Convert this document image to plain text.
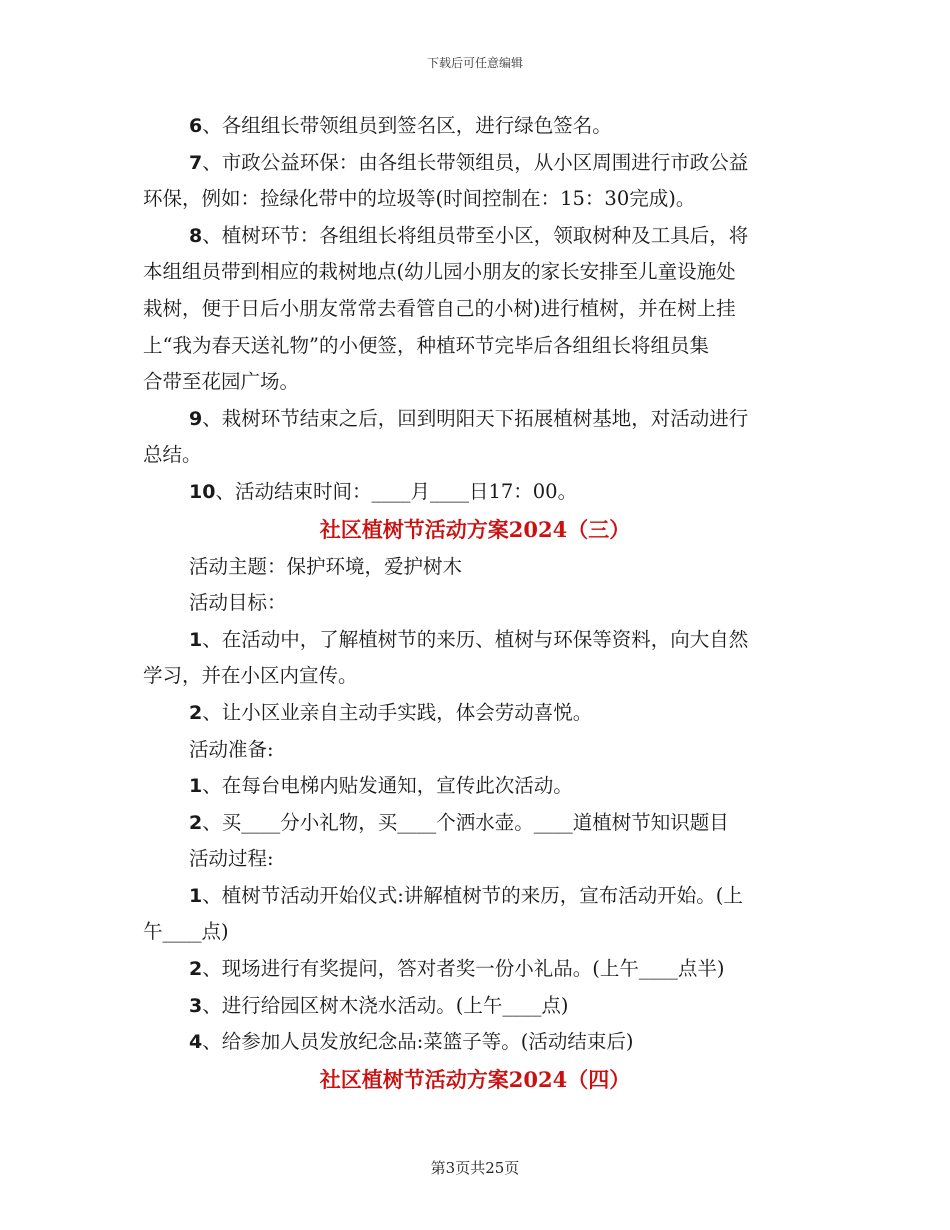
下载后可任意编辑
6、各组组长带领组员到签名区，进行绿色签名。
7、市政公益环保：由各组长带领组员，从小区周围进行市政公益
环保，例如：捡绿化带中的垃圾等(时间控制在：15：30完成)。
8、植树环节：各组组长将组员带至小区，领取树种及工具后，将
本组组员带到相应的栽树地点(幼儿园小朋友的家长安排至儿童设施处
栽树，便于日后小朋友常常去看管自己的小树)进行植树，并在树上挂
上“我为春天送礼物”的小便签，种植环节完毕后各组组长将组员集
合带至花园广场。
9、栽树环节结束之后，回到明阳天下拓展植树基地，对活动进行
总结。
10、活动结束时间：____月____日17：00。
社区植树节活动方案2024（三）
活动主题：保护环境，爱护树木
活动目标：
1、在活动中，了解植树节的来历、植树与环保等资料，向大自然
学习，并在小区内宣传。
2、让小区业亲自主动手实践，体会劳动喜悦。
活动准备:
1、在每台电梯内贴发通知，宣传此次活动。
2、买____分小礼物，买____个洒水壶。____道植树节知识题目
活动过程:
1、植树节活动开始仪式:讲解植树节的来历，宣布活动开始。(上
午____点)
2、现场进行有奖提问，答对者奖一份小礼品。(上午____点半)
3、进行给园区树木浇水活动。(上午____点)
4、给参加人员发放纪念品:菜篮子等。(活动结束后)
社区植树节活动方案2024（四）
第3页共25页
